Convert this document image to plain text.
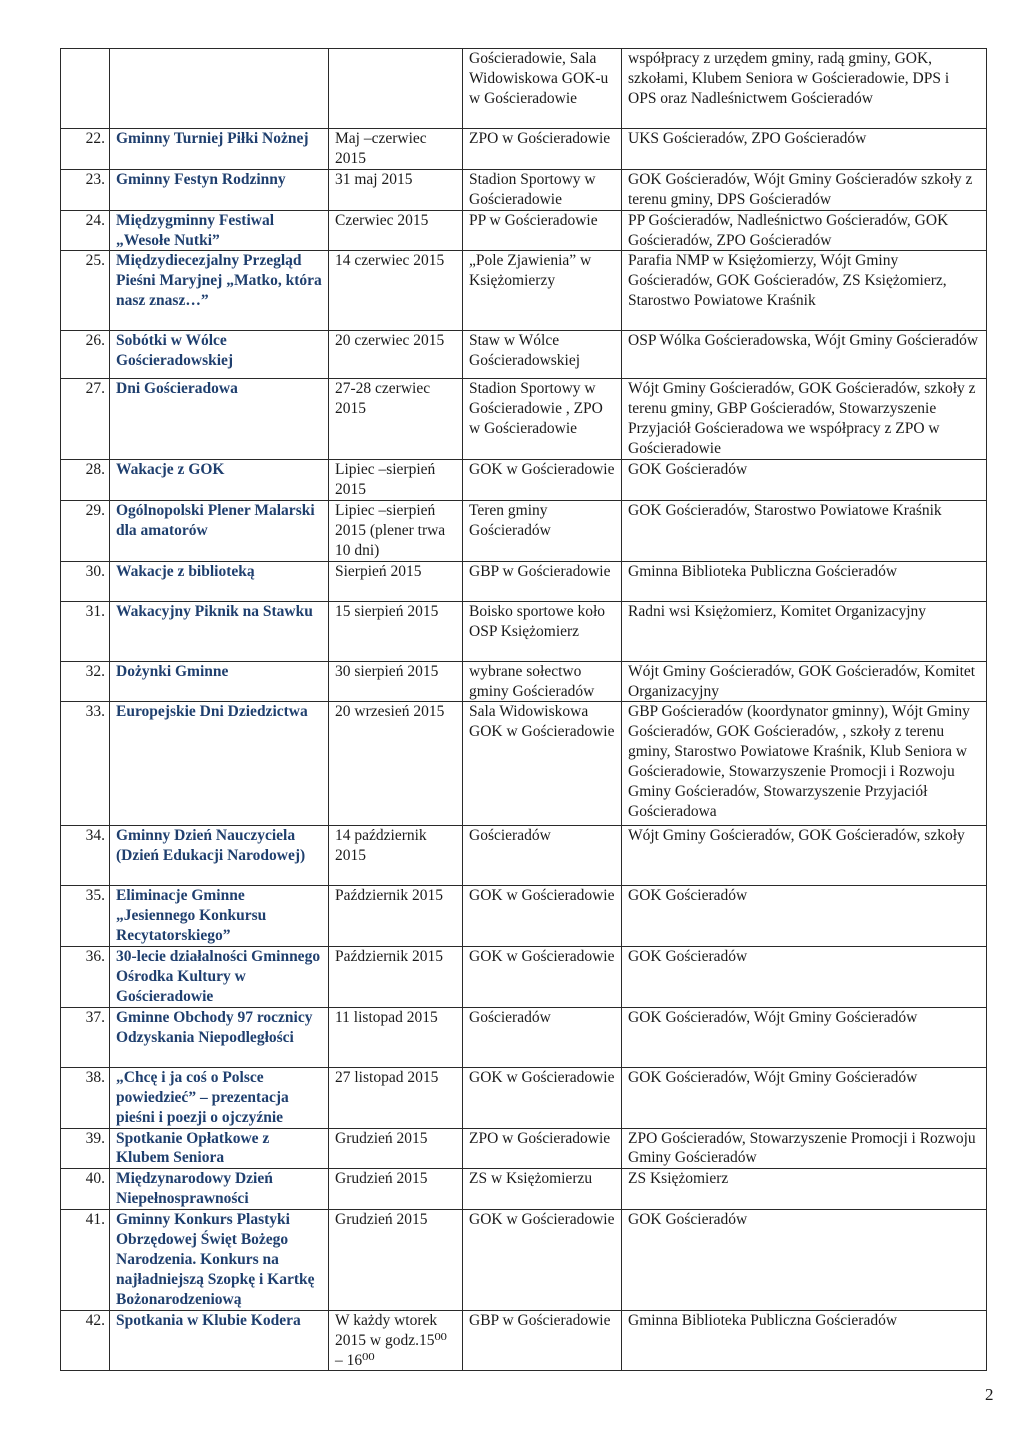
			Gościeradowie, Sala Widowiskowa GOK-u w Gościeradowie	współpracy z urzędem gminy, radą gminy, GOK, szkołami, Klubem Seniora w Gościeradowie, DPS i OPS oraz Nadleśnictwem Gościeradów
22.	Gminny Turniej Piłki Nożnej	Maj –czerwiec 2015	ZPO w Gościeradowie	UKS Gościeradów, ZPO Gościeradów
23.	Gminny Festyn Rodzinny	31 maj 2015	Stadion Sportowy w Gościeradowie	GOK Gościeradów, Wójt Gminy Gościeradów szkoły z terenu gminy, DPS Gościeradów
24.	Międzygminny Festiwal „Wesołe Nutki”	Czerwiec 2015	PP w Gościeradowie	PP Gościeradów, Nadleśnictwo Gościeradów, GOK Gościeradów, ZPO Gościeradów
25.	Międzydiecezjalny Przegląd Pieśni Maryjnej „Matko, która nasz znasz…”	14 czerwiec 2015	„Pole Zjawienia” w Księżomierzy	Parafia NMP w Księżomierzy, Wójt Gminy Gościeradów, GOK Gościeradów, ZS Księżomierz, Starostwo Powiatowe Kraśnik
26.	Sobótki w Wólce Gościeradowskiej	20 czerwiec 2015	Staw w Wólce Gościeradowskiej	OSP Wólka Gościeradowska, Wójt Gminy Gościeradów
27.	Dni Gościeradowa	27-28 czerwiec 2015	Stadion Sportowy w Gościeradowie , ZPO w Gościeradowie	Wójt Gminy Gościeradów, GOK Gościeradów, szkoły z terenu gminy, GBP Gościeradów, Stowarzyszenie Przyjaciół Gościeradowa we współpracy z ZPO w Gościeradowie
28.	Wakacje z GOK	Lipiec –sierpień 2015	GOK w Gościeradowie	GOK Gościeradów
29.	Ogólnopolski Plener Malarski dla amatorów	Lipiec –sierpień 2015 (plener trwa 10 dni)	Teren gminy Gościeradów	GOK Gościeradów, Starostwo Powiatowe Kraśnik
30.	Wakacje z biblioteką	Sierpień 2015	GBP w Gościeradowie	Gminna Biblioteka Publiczna Gościeradów
31.	Wakacyjny Piknik na Stawku	15 sierpień 2015	Boisko sportowe koło OSP Księżomierz	Radni wsi Księżomierz, Komitet Organizacyjny
32.	Dożynki Gminne	30 sierpień 2015	wybrane sołectwo gminy Gościeradów	Wójt Gminy Gościeradów, GOK Gościeradów, Komitet Organizacyjny
33.	Europejskie Dni Dziedzictwa	20 wrzesień 2015	Sala Widowiskowa GOK w Gościeradowie	GBP Gościeradów (koordynator gminny), Wójt Gminy Gościeradów, GOK Gościeradów, , szkoły z terenu gminy, Starostwo Powiatowe Kraśnik, Klub Seniora w Gościeradowie, Stowarzyszenie Promocji i Rozwoju Gminy Gościeradów, Stowarzyszenie Przyjaciół Gościeradowa
34.	Gminny Dzień Nauczyciela (Dzień Edukacji Narodowej)	14 październik 2015	Gościeradów	Wójt Gminy Gościeradów, GOK Gościeradów, szkoły
35.	Eliminacje Gminne „Jesiennego Konkursu Recytatorskiego”	Październik 2015	GOK w Gościeradowie	GOK Gościeradów
36.	30-lecie działalności Gminnego Ośrodka Kultury w Gościeradowie	Październik 2015	GOK w Gościeradowie	GOK Gościeradów
37.	Gminne Obchody 97 rocznicy Odzyskania Niepodległości	11 listopad 2015	Gościeradów	GOK Gościeradów, Wójt Gminy Gościeradów
38.	„Chcę i ja coś o Polsce powiedzieć” – prezentacja pieśni i poezji o ojczyźnie	27 listopad 2015	GOK w Gościeradowie	GOK Gościeradów, Wójt Gminy Gościeradów
39.	Spotkanie Opłatkowe z Klubem Seniora	Grudzień 2015	ZPO w Gościeradowie	ZPO Gościeradów, Stowarzyszenie Promocji i Rozwoju Gminy Gościeradów
40.	Międzynarodowy Dzień Niepełnosprawności	Grudzień 2015	ZS w Księżomierzu	ZS Księżomierz
41.	Gminny Konkurs Plastyki Obrzędowej Święt Bożego Narodzenia. Konkurs na najładniejszą Szopkę i Kartkę Bożonarodzeniową	Grudzień 2015	GOK w Gościeradowie	GOK Gościeradów
42.	Spotkania w Klubie Kodera	W każdy wtorek 2015 w godz.15⁰⁰ – 16⁰⁰	GBP w Gościeradowie	Gminna Biblioteka Publiczna Gościeradów
2
